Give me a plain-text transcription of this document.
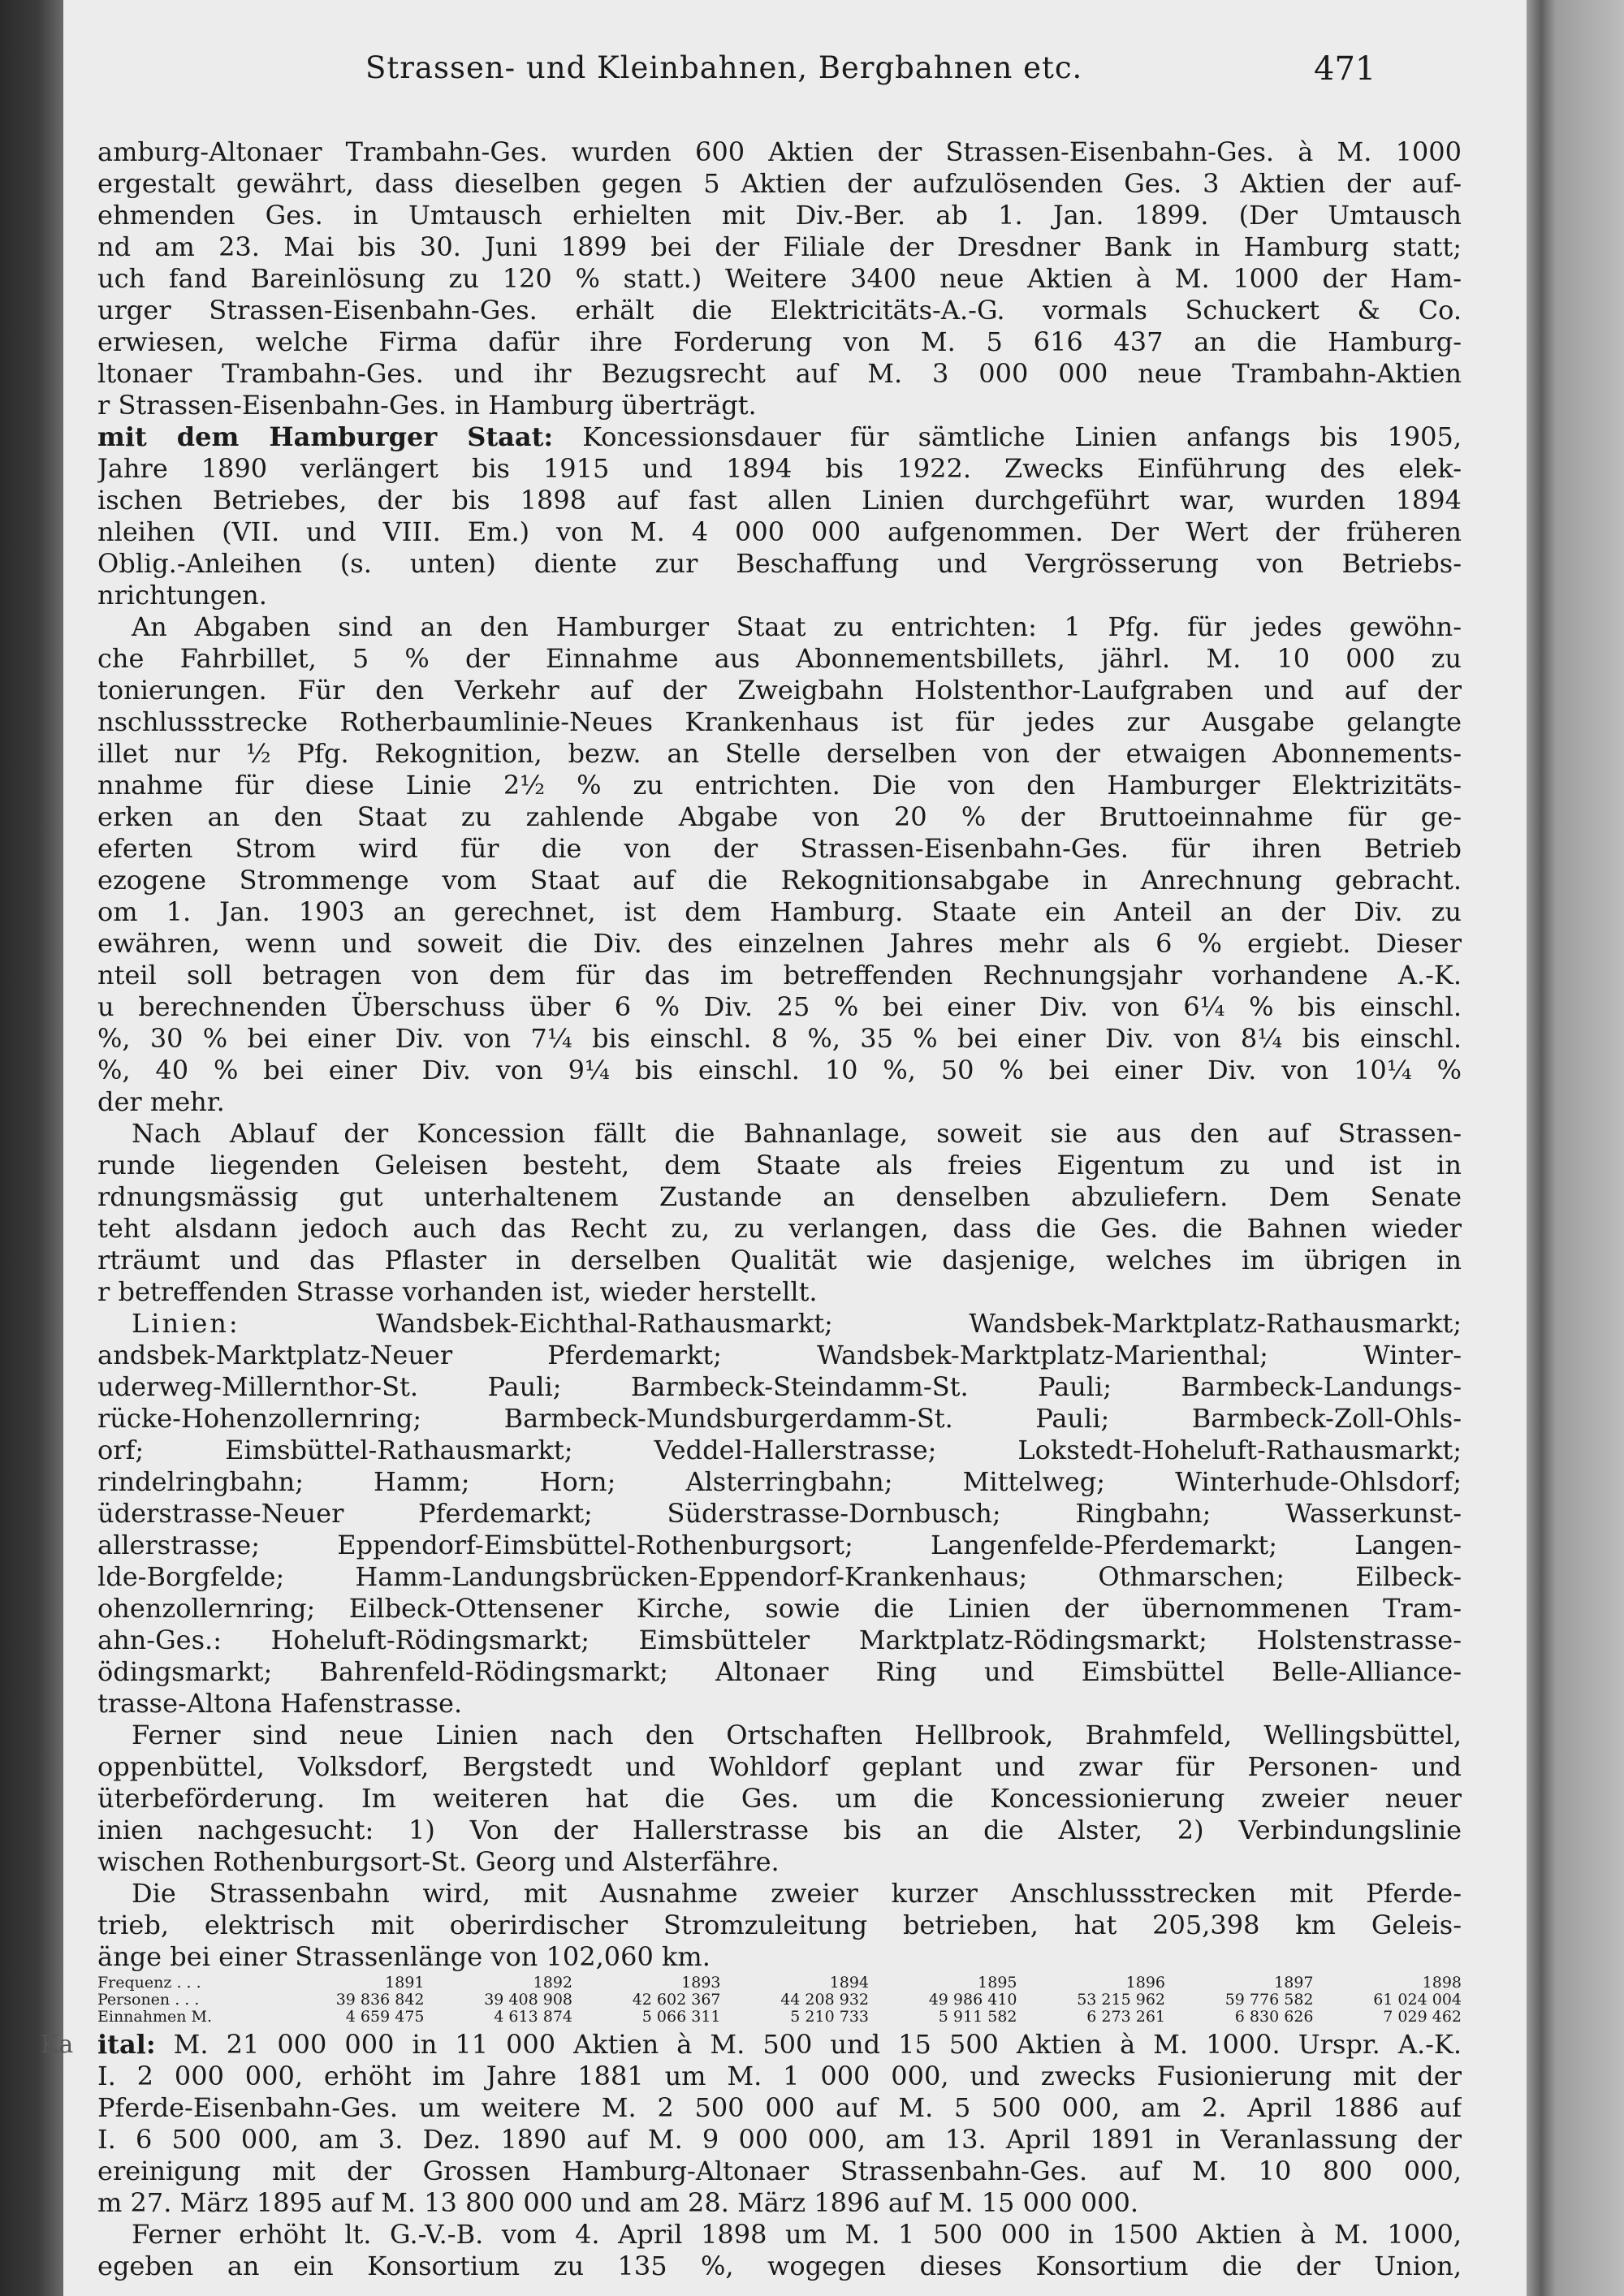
Strassen- und Kleinbahnen, Bergbahnen etc.	471
amburg-Altonaer Trambahn-Ges. wurden 600 Aktien der Strassen-Eisenbahn-Ges. à M. 1000
ergestalt gewährt, dass dieselben gegen 5 Aktien der aufzulösenden Ges. 3 Aktien der auf-
ehmenden Ges. in Umtausch erhielten mit Div.-Ber. ab 1. Jan. 1899. (Der Umtausch
nd am 23. Mai bis 30. Juni 1899 bei der Filiale der Dresdner Bank in Hamburg statt;
uch fand Bareinlösung zu 120 % statt.) Weitere 3400 neue Aktien à M. 1000 der Ham-
urger Strassen-Eisenbahn-Ges. erhält die Elektricitäts-A.-G. vormals Schuckert & Co.
erwiesen, welche Firma dafür ihre Forderung von M. 5 616 437 an die Hamburg-
ltonaer Trambahn-Ges. und ihr Bezugsrecht auf M. 3 000 000 neue Trambahn-Aktien
r Strassen-Eisenbahn-Ges. in Hamburg überträgt.
mit dem Hamburger Staat: Koncessionsdauer für sämtliche Linien anfangs bis 1905,
Jahre 1890 verlängert bis 1915 und 1894 bis 1922. Zwecks Einführung des elek-
ischen Betriebes, der bis 1898 auf fast allen Linien durchgeführt war, wurden 1894
nleihen (VII. und VIII. Em.) von M. 4 000 000 aufgenommen. Der Wert der früheren
Oblig.-Anleihen (s. unten) diente zur Beschaffung und Vergrösserung von Betriebs-
nrichtungen.
An Abgaben sind an den Hamburger Staat zu entrichten: 1 Pfg. für jedes gewöhn-
che Fahrbillet, 5 % der Einnahme aus Abonnementsbillets, jährl. M. 10 000 zu
tonierungen. Für den Verkehr auf der Zweigbahn Holstenthor-Laufgraben und auf der
nschlussstrecke Rotherbaumlinie-Neues Krankenhaus ist für jedes zur Ausgabe gelangte
illet nur ½ Pfg. Rekognition, bezw. an Stelle derselben von der etwaigen Abonnements-
nnahme für diese Linie 2½ % zu entrichten. Die von den Hamburger Elektrizitäts-
erken an den Staat zu zahlende Abgabe von 20 % der Bruttoeinnahme für ge-
eferten Strom wird für die von der Strassen-Eisenbahn-Ges. für ihren Betrieb
ezogene Strommenge vom Staat auf die Rekognitionsabgabe in Anrechnung gebracht.
om 1. Jan. 1903 an gerechnet, ist dem Hamburg. Staate ein Anteil an der Div. zu
ewähren, wenn und soweit die Div. des einzelnen Jahres mehr als 6 % ergiebt. Dieser
nteil soll betragen von dem für das im betreffenden Rechnungsjahr vorhandene A.-K.
u berechnenden Überschuss über 6 % Div. 25 % bei einer Div. von 6¼ % bis einschl.
%, 30 % bei einer Div. von 7¼ bis einschl. 8 %, 35 % bei einer Div. von 8¼ bis einschl.
%, 40 % bei einer Div. von 9¼ bis einschl. 10 %, 50 % bei einer Div. von 10¼ %
der mehr.
Nach Ablauf der Koncession fällt die Bahnanlage, soweit sie aus den auf Strassen-
runde liegenden Geleisen besteht, dem Staate als freies Eigentum zu und ist in
rdnungsmässig gut unterhaltenem Zustande an denselben abzuliefern. Dem Senate
teht alsdann jedoch auch das Recht zu, zu verlangen, dass die Ges. die Bahnen wieder
rträumt und das Pflaster in derselben Qualität wie dasjenige, welches im übrigen in
r betreffenden Strasse vorhanden ist, wieder herstellt.
Linien:	Wandsbek-Eichthal-Rathausmarkt; Wandsbek-Marktplatz-Rathausmarkt;
andsbek-Marktplatz-Neuer Pferdemarkt; Wandsbek-Marktplatz-Marienthal; Winter-
uderweg-Millernthor-St. Pauli; Barmbeck-Steindamm-St. Pauli; Barmbeck-Landungs-
rücke-Hohenzollernring; Barmbeck-Mundsburgerdamm-St. Pauli; Barmbeck-Zoll-Ohls-
orf; Eimsbüttel-Rathausmarkt; Veddel-Hallerstrasse; Lokstedt-Hoheluft-Rathausmarkt;
rindelringbahn; Hamm; Horn; Alsterringbahn; Mittelweg; Winterhude-Ohlsdorf;
üderstrasse-Neuer Pferdemarkt; Süderstrasse-Dornbusch; Ringbahn; Wasserkunst-
allerstrasse; Eppendorf-Eimsbüttel-Rothenburgsort; Langenfelde-Pferdemarkt; Langen-
lde-Borgfelde; Hamm-Landungsbrücken-Eppendorf-Krankenhaus; Othmarschen; Eilbeck-
ohenzollernring; Eilbeck-Ottensener Kirche, sowie die Linien der übernommenen Tram-
ahn-Ges.: Hoheluft-Rödingsmarkt; Eimsbütteler Marktplatz-Rödingsmarkt; Holstenstrasse-
ödingsmarkt; Bahrenfeld-Rödingsmarkt; Altonaer Ring und Eimsbüttel Belle-Alliance-
trasse-Altona Hafenstrasse.
Ferner sind neue Linien nach den Ortschaften Hellbrook, Brahmfeld, Wellingsbüttel,
oppenbüttel, Volksdorf, Bergstedt und Wohldorf geplant und zwar für Personen- und
üterbeförderung. Im weiteren hat die Ges. um die Koncessionierung zweier neuer
inien nachgesucht: 1) Von der Hallerstrasse bis an die Alster, 2) Verbindungslinie
wischen Rothenburgsort-St. Georg und Alsterfähre.
Die Strassenbahn wird, mit Ausnahme zweier kurzer Anschlussstrecken mit Pferde-
trieb, elektrisch mit oberirdischer Stromzuleitung betrieben, hat 205,398 km Geleis-
änge bei einer Strassenlänge von 102,060 km.
Frequenz . . .	1891	1892	1893	1894	1895	1896	1897	1898
Personen . . .	39 836 842	39 408 908	42 602 367	44 208 932	49 986 410	53 215 962	59 776 582	61 024 004
Einnahmen M.	4 659 475	4 613 874	5 066 311	5 210 733	5 911 582	6 273 261	6 830 626	7 029 462
Ka ital: M. 21 000 000 in 11 000 Aktien à M. 500 und 15 500 Aktien à M. 1000. Urspr. A.-K.
I. 2 000 000, erhöht im Jahre 1881 um M. 1 000 000, und zwecks Fusionierung mit der
Pferde-Eisenbahn-Ges. um weitere M. 2 500 000 auf M. 5 500 000, am 2. April 1886 auf
I. 6 500 000, am 3. Dez. 1890 auf M. 9 000 000, am 13. April 1891 in Veranlassung der
ereinigung mit der Grossen Hamburg-Altonaer Strassenbahn-Ges. auf M. 10 800 000,
m 27. März 1895 auf M. 13 800 000 und am 28. März 1896 auf M. 15 000 000.
Ferner erhöht lt. G.-V.-B. vom 4. April 1898 um M. 1 500 000 in 1500 Aktien à M. 1000,
egeben an ein Konsortium zu 135 %, wogegen dieses Konsortium die der Union,
